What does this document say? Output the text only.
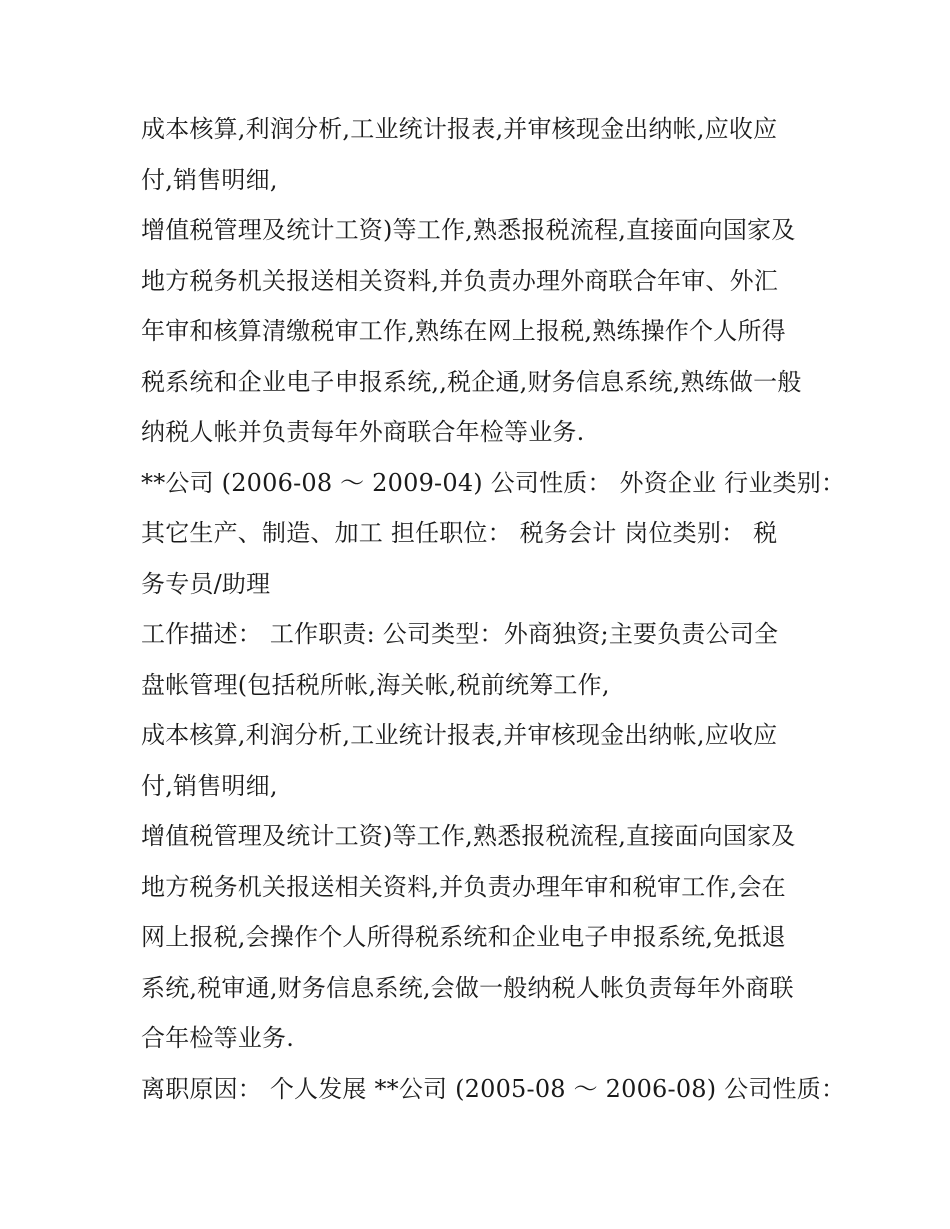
成本核算,利润分析,工业统计报表,并审核现金出纳帐,应收应
付,销售明细,
增值税管理及统计工资)等工作,熟悉报税流程,直接面向国家及
地方税务机关报送相关资料,并负责办理外商联合年审、外汇
年审和核算清缴税审工作,熟练在网上报税,熟练操作个人所得
税系统和企业电子申报系统,,税企通,财务信息系统,熟练做一般
纳税人帐并负责每年外商联合年检等业务.
**公司 (2006-08 ～ 2009-04) 公司性质： 外资企业 行业类别：
其它生产、制造、加工 担任职位： 税务会计 岗位类别： 税
务专员/助理
工作描述： 工作职责: 公司类型：外商独资;主要负责公司全
盘帐管理(包括税所帐,海关帐,税前统筹工作,
成本核算,利润分析,工业统计报表,并审核现金出纳帐,应收应
付,销售明细,
增值税管理及统计工资)等工作,熟悉报税流程,直接面向国家及
地方税务机关报送相关资料,并负责办理年审和税审工作,会在
网上报税,会操作个人所得税系统和企业电子申报系统,免抵退
系统,税审通,财务信息系统,会做一般纳税人帐负责每年外商联
合年检等业务.
离职原因： 个人发展 **公司 (2005-08 ～ 2006-08) 公司性质：
